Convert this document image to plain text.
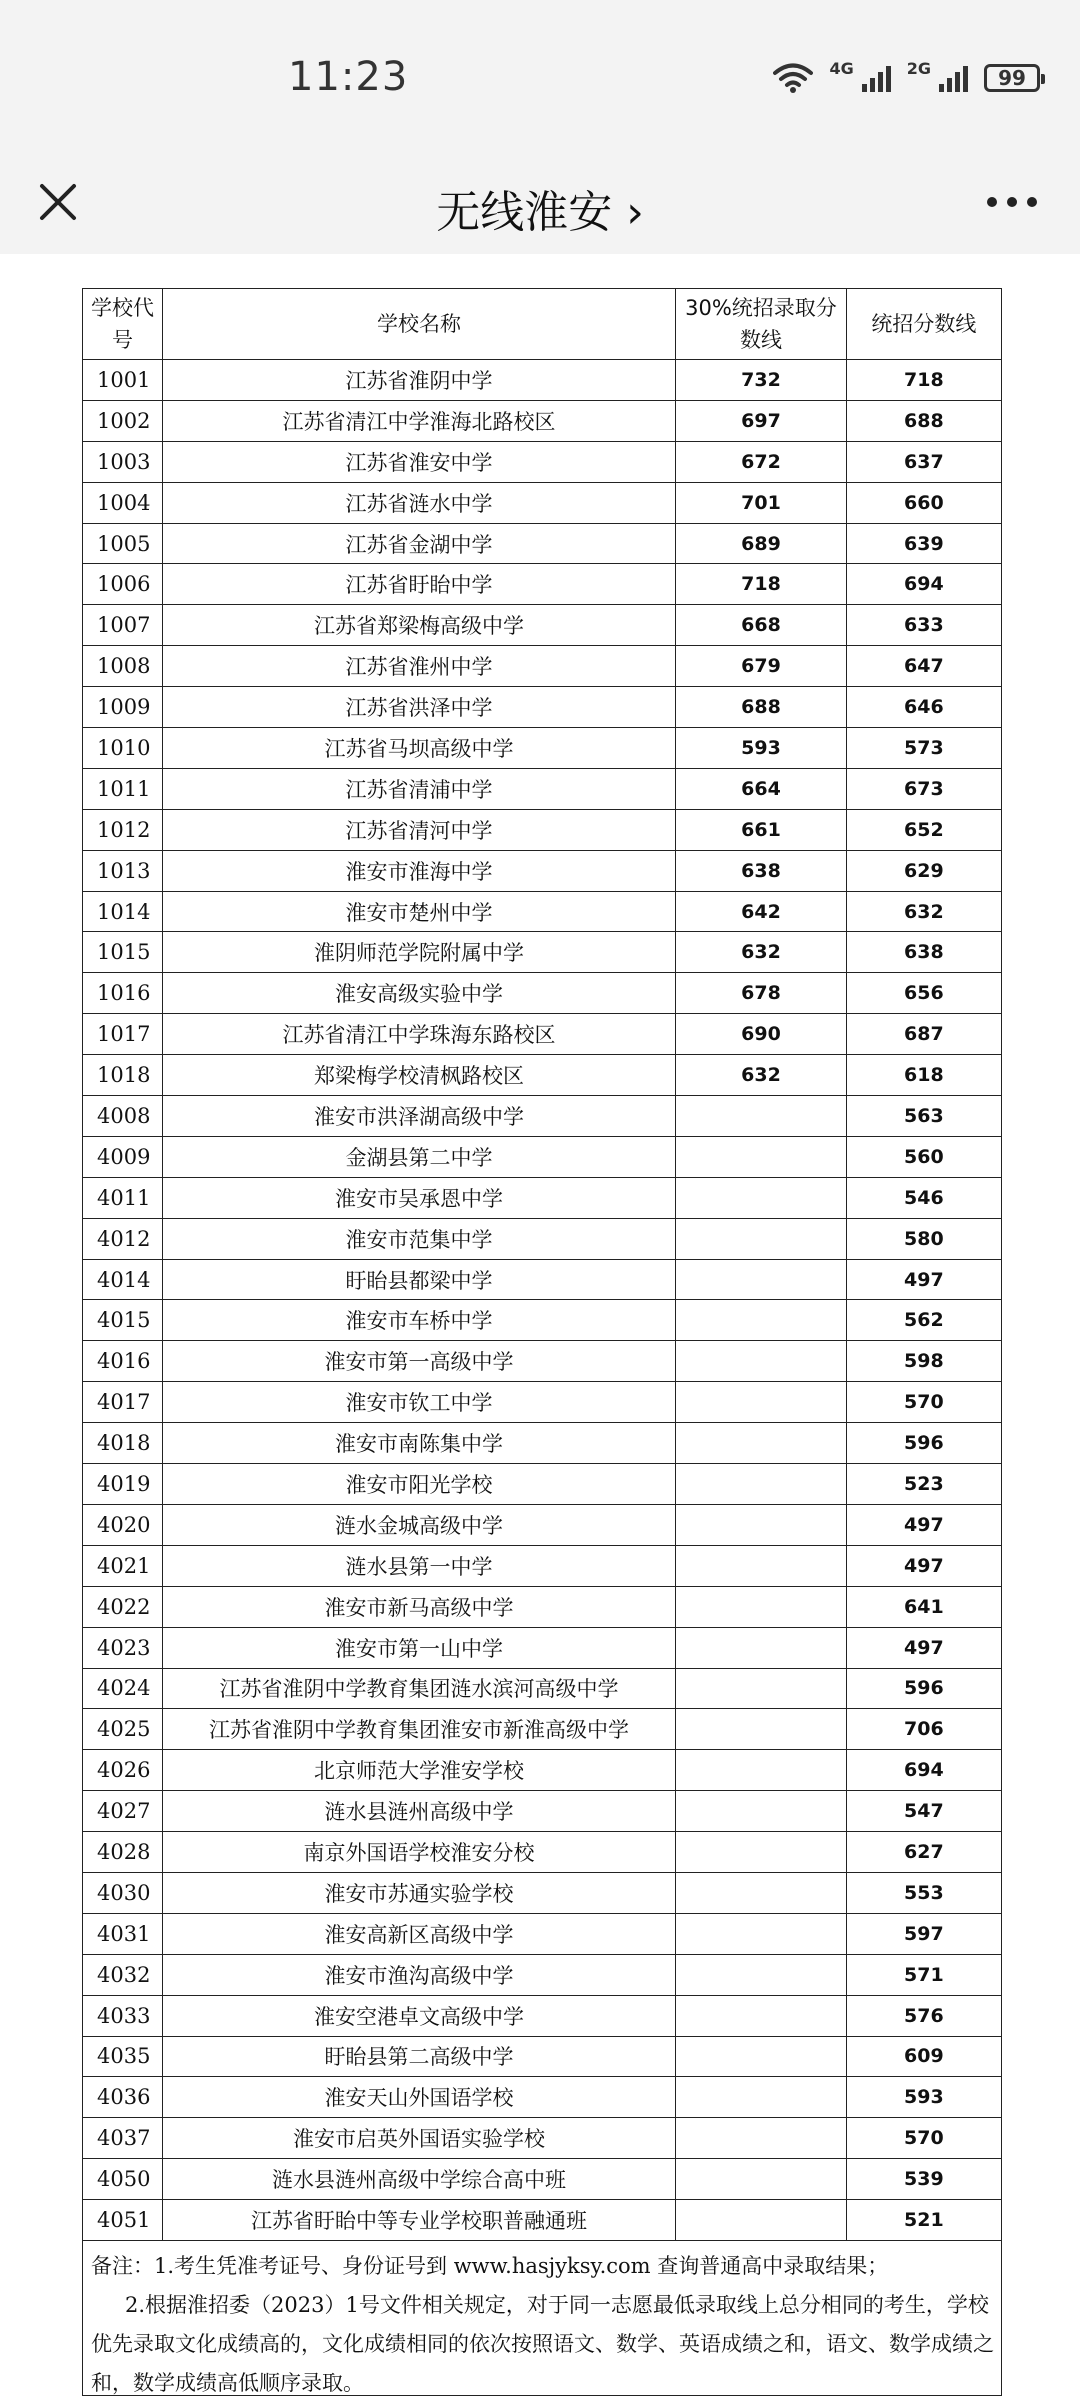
11:23	4G	2G	99
无线淮安 ›
学校代号	学校名称	30%统招录取分数线	统招分数线
1001	江苏省淮阴中学	732	718
1002	江苏省清江中学淮海北路校区	697	688
1003	江苏省淮安中学	672	637
1004	江苏省涟水中学	701	660
1005	江苏省金湖中学	689	639
1006	江苏省盱眙中学	718	694
1007	江苏省郑梁梅高级中学	668	633
1008	江苏省淮州中学	679	647
1009	江苏省洪泽中学	688	646
1010	江苏省马坝高级中学	593	573
1011	江苏省清浦中学	664	673
1012	江苏省清河中学	661	652
1013	淮安市淮海中学	638	629
1014	淮安市楚州中学	642	632
1015	淮阴师范学院附属中学	632	638
1016	淮安高级实验中学	678	656
1017	江苏省清江中学珠海东路校区	690	687
1018	郑梁梅学校清枫路校区	632	618
4008	淮安市洪泽湖高级中学		563
4009	金湖县第二中学		560
4011	淮安市吴承恩中学		546
4012	淮安市范集中学		580
4014	盱眙县都梁中学		497
4015	淮安市车桥中学		562
4016	淮安市第一高级中学		598
4017	淮安市钦工中学		570
4018	淮安市南陈集中学		596
4019	淮安市阳光学校		523
4020	涟水金城高级中学		497
4021	涟水县第一中学		497
4022	淮安市新马高级中学		641
4023	淮安市第一山中学		497
4024	江苏省淮阴中学教育集团涟水滨河高级中学		596
4025	江苏省淮阴中学教育集团淮安市新淮高级中学		706
4026	北京师范大学淮安学校		694
4027	涟水县涟州高级中学		547
4028	南京外国语学校淮安分校		627
4030	淮安市苏通实验学校		553
4031	淮安高新区高级中学		597
4032	淮安市渔沟高级中学		571
4033	淮安空港卓文高级中学		576
4035	盱眙县第二高级中学		609
4036	淮安天山外国语学校		593
4037	淮安市启英外国语实验学校		570
4050	涟水县涟州高级中学综合高中班		539
4051	江苏省盱眙中等专业学校职普融通班		521

备注：1.考生凭准考证号、身份证号到 www.hasjyksy.com 查询普通高中录取结果；

2.根据淮招委（2023）1号文件相关规定，对于同一志愿最低录取线上总分相同的考生，学校优先录取文化成绩高的，文化成绩相同的依次按照语文、数学、英语成绩之和，语文、数学成绩之和，数学成绩高低顺序录取。
